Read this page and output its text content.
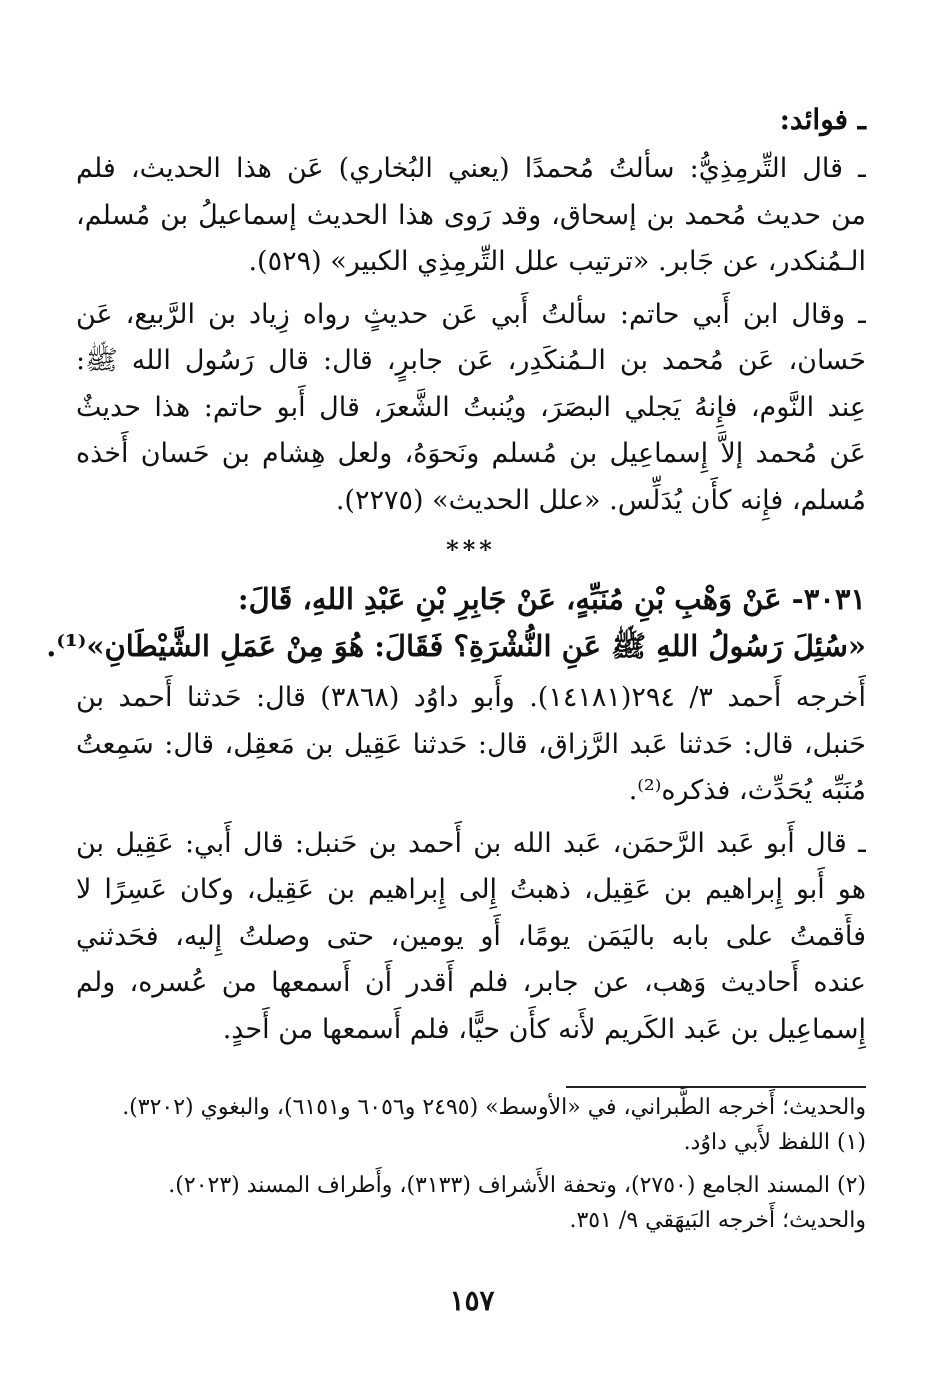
ـ فوائد:
ـ قال التِّرمِذِيُّ: سألتُ مُحمدًا (يعني البُخاري) عَن هذا الحديث، فلم
من حديث مُحمد بن إسحاق، وقد رَوى هذا الحديث إسماعيلُ بن مُسلم،
الـمُنكدر، عن جَابر. «ترتيب علل التِّرمِذِي الكبير» (٥٢٩).
ـ وقال ابن أَبي حاتم: سألتُ أَبي عَن حديثٍ رواه زِياد بن الرَّبيع، عَن
حَسان، عَن مُحمد بن الـمُنكَدِر، عَن جابرٍ، قال: قال رَسُول الله ﷺ:
عِند النَّوم، فإِنهُ يَجلي البصَرَ، ويُنبتُ الشَّعرَ، قال أَبو حاتم: هذا حديثٌ
عَن مُحمد إلاَّ إِسماعِيل بن مُسلم ونَحوَهُ، ولعل هِشام بن حَسان أَخذه
مُسلم، فإِنه كأَن يُدَلِّس. «علل الحديث» (٢٢٧٥).
***
٣٠٣١- عَنْ وَهْبِ بْنِ مُنَبِّهٍ، عَنْ جَابِرِ بْنِ عَبْدِ اللهِ، قَالَ:
«سُئِلَ رَسُولُ اللهِ ﷺ عَنِ النُّشْرَةِ؟ فَقَالَ: هُوَ مِنْ عَمَلِ الشَّيْطَانِ»⁽¹⁾.
أَخرجه أَحمد ٣/ ٢٩٤(١٤١٨١). وأَبو داوُد (٣٨٦٨) قال: حَدثنا أَحمد بن
حَنبل، قال: حَدثنا عَبد الرَّزاق، قال: حَدثنا عَقِيل بن مَعقِل، قال: سَمِعتُ
مُنَبِّه يُحَدِّث، فذكره⁽²⁾.
ـ قال أَبو عَبد الرَّحمَن، عَبد الله بن أَحمد بن حَنبل: قال أَبي: عَقِيل بن
هو أَبو إِبراهيم بن عَقِيل، ذهبتُ إِلى إِبراهيم بن عَقِيل، وكان عَسِرًا لا
فأَقمتُ على بابه باليَمَن يومًا، أَو يومين، حتى وصلتُ إِليه، فحَدثني
عنده أَحاديث وَهب، عن جابر، فلم أَقدر أَن أَسمعها من عُسره، ولم
إِسماعِيل بن عَبد الكَريم لأَنه كأَن حيًّا، فلم أَسمعها من أَحدٍ.
والحديث؛ أَخرجه الطَّبراني، في «الأوسط» (٢٤٩٥ و٦٠٥٦ و٦١٥١)، والبغوي (٣٢٠٢).
(١) اللفظ لأَبي داوُد.
(٢) المسند الجامع (٢٧٥٠)، وتحفة الأَشراف (٣١٣٣)، وأَطراف المسند (٢٠٢٣).
والحديث؛ أَخرجه البَيهَقي ٩/ ٣٥١.
١٥٧
